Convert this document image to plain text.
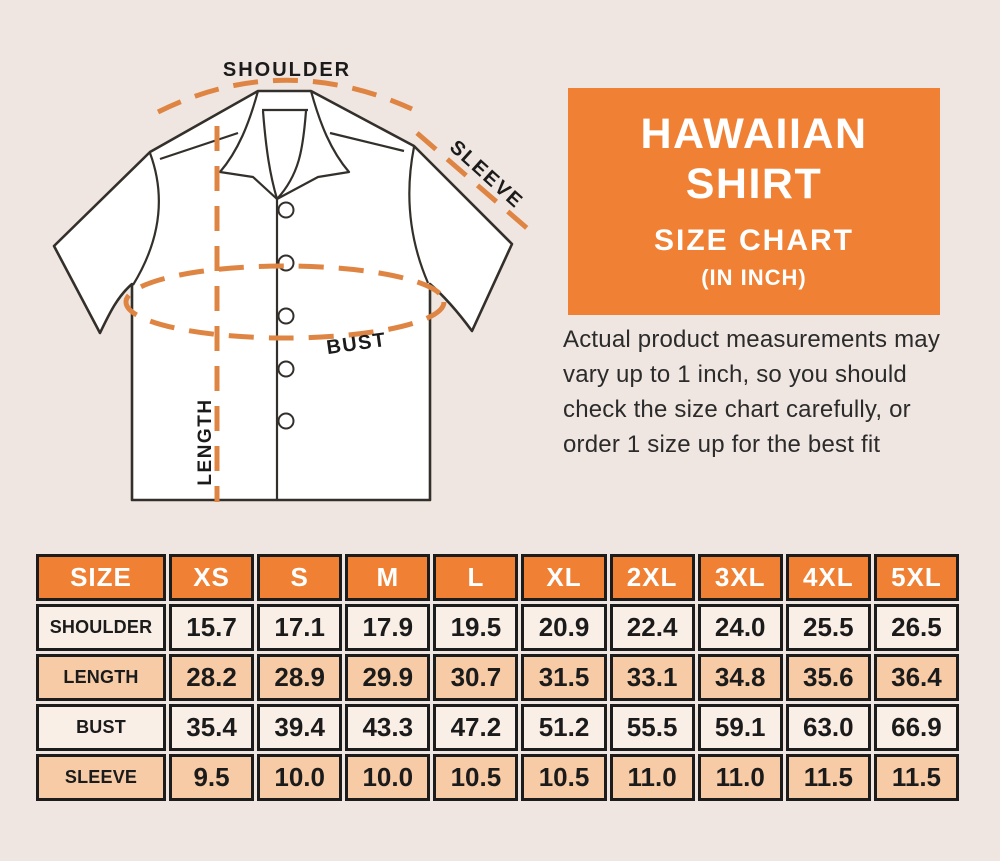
SHOULDER
SLEEVE
BUST
LENGTH
HAWAIIAN
SHIRT
SIZE CHART
(IN INCH)

Actual product measurements may vary up to 1 inch, so you should check the size chart carefully, or order 1 size up for the best fit

SIZE	XS	S	M	L	XL	2XL	3XL	4XL	5XL
SHOULDER	15.7	17.1	17.9	19.5	20.9	22.4	24.0	25.5	26.5
LENGTH	28.2	28.9	29.9	30.7	31.5	33.1	34.8	35.6	36.4
BUST	35.4	39.4	43.3	47.2	51.2	55.5	59.1	63.0	66.9
SLEEVE	9.5	10.0	10.0	10.5	10.5	11.0	11.0	11.5	11.5
